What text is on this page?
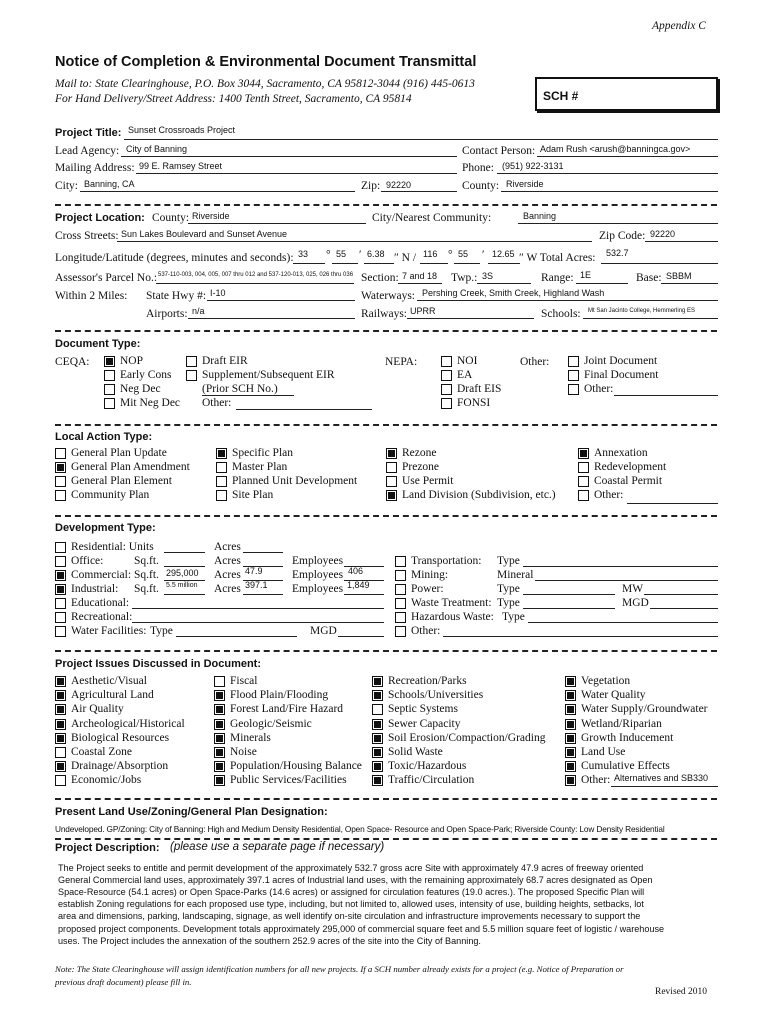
Appendix C
Notice of Completion & Environmental Document Transmittal
Mail to: State Clearinghouse, P.O. Box 3044, Sacramento, CA 95812-3044 (916) 445-0613
For Hand Delivery/Street Address: 1400 Tenth Street, Sacramento, CA 95814	SCH #
Project Title: Sunset Crossroads Project
Lead Agency: City of Banning	Contact Person: Adam Rush <arush@banningca.gov>
Mailing Address: 99 E. Ramsey Street	Phone: (951) 922-3131
City: Banning, CA	Zip: 92220	County: Riverside
Project Location: County: Riverside	City/Nearest Community:	Banning
Cross Streets: Sun Lakes Boulevard and Sunset Avenue	Zip Code: 92220
Longitude/Latitude (degrees, minutes and seconds): 33 ° 55 ′ 6.38 ″ N / 116 ° 55 ′ 12.65 ″ W Total Acres: 532.7
Assessor's Parcel No.: 537-110-003, 004, 005, 007 thru 012 and 537-120-013, 025, 026 thru 036 Section: 7 and 18 Twp.: 3S	Range: 1E	Base: SBBM
Within 2 Miles: State Hwy #: I-10	Waterways: Pershing Creek, Smith Creek, Highland Wash
Airports: n/a	Railways: UPRR	Schools: Mt San Jacinto College, Hemmerling ES
Document Type:
CEQA:	NOP
Early Cons
Neg Dec
Mit Neg Dec
Draft EIR
Supplement/Subsequent EIR
(Prior SCH No.)
Other:
NEPA:	NOI
EA
Draft EIS
FONSI
Other:	Joint Document
Final Document
Other:
Local Action Type:
General Plan Update
General Plan Amendment
General Plan Element
Community Plan
Specific Plan
Master Plan
Planned Unit Development
Site Plan
Rezone
Prezone
Use Permit
Land Division (Subdivision, etc.)
Annexation
Redevelopment
Coastal Permit
Other:
Development Type:
Residential: Units	Acres
Office:	Sq.ft.	Acres	Employees
Commercial: Sq.ft. 295,000 Acres 47.9	Employees 406
Industrial: Sq.ft. 5.5 million Acres 397.1 Employees 1,849
Educational:
Recreational:
Water Facilities: Type	MGD
Transportation: Type
Mining:	Mineral
Power:	Type	MW
Waste Treatment: Type	MGD
Hazardous Waste: Type
Other:
Project Issues Discussed in Document:
Aesthetic/Visual
Agricultural Land
Air Quality
Archeological/Historical
Biological Resources
Coastal Zone
Drainage/Absorption
Economic/Jobs
Fiscal
Flood Plain/Flooding
Forest Land/Fire Hazard
Geologic/Seismic
Minerals
Noise
Population/Housing Balance
Public Services/Facilities
Recreation/Parks
Schools/Universities
Septic Systems
Sewer Capacity
Soil Erosion/Compaction/Grading
Solid Waste
Toxic/Hazardous
Traffic/Circulation
Vegetation
Water Quality
Water Supply/Groundwater
Wetland/Riparian
Growth Inducement
Land Use
Cumulative Effects
Other: Alternatives and SB330
Present Land Use/Zoning/General Plan Designation:
Undeveloped. GP/Zoning: City of Banning: High and Medium Density Residential, Open Space- Resource and Open Space-Park; Riverside County: Low Density Residential
Project Description: (please use a separate page if necessary)
The Project seeks to entitle and permit development of the approximately 532.7 gross acre Site with approximately 47.9 acres of freeway oriented
General Commercial land uses, approximately 397.1 acres of Industrial land uses, with the remaining approximately 68.7 acres designated as Open
Space-Resource (54.1 acres) or Open Space-Parks (14.6 acres) or assigned for circulation features (19.0 acres.). The proposed Specific Plan will
establish Zoning regulations for each proposed use type, including, but not limited to, allowed uses, intensity of use, building heights, setbacks, lot
area and dimensions, parking, landscaping, signage, as well identify on-site circulation and infrastructure improvements necessary to support the
proposed project components. Development totals approximately 295,000 of commercial square feet and 5.5 million square feet of logistic / warehouse
uses. The Project includes the annexation of the southern 252.9 acres of the site into the City of Banning.
Note: The State Clearinghouse will assign identification numbers for all new projects. If a SCH number already exists for a project (e.g. Notice of Preparation or
previous draft document) please fill in.
Revised 2010
